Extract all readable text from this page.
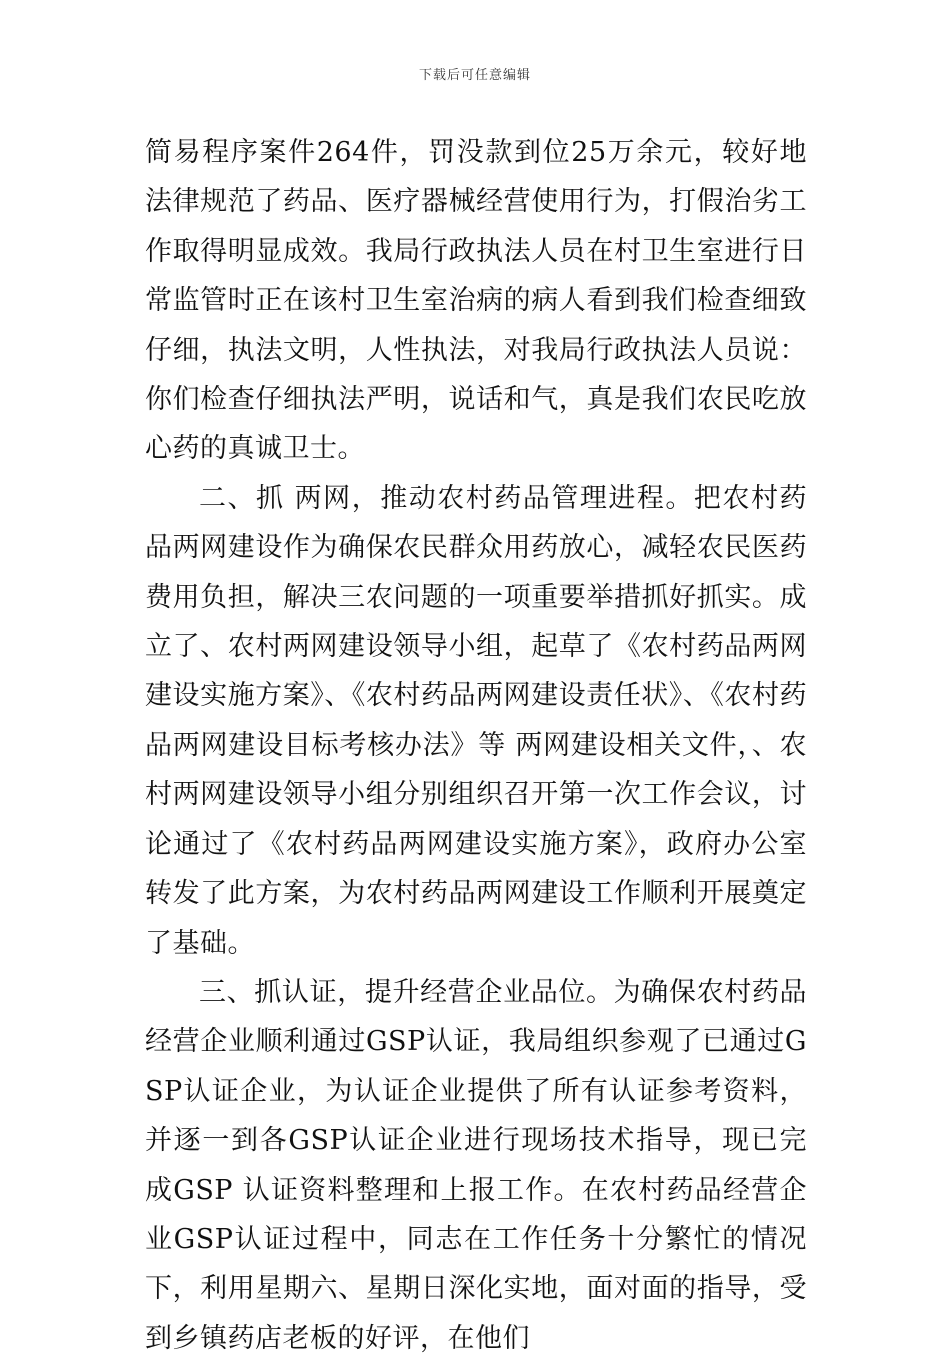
下载后可任意编辑

简易程序案件264件，罚没款到位25万余元，较好地法律规范了药品、医疗器械经营使用行为，打假治劣工作取得明显成效。我局行政执法人员在村卫生室进行日常监管时正在该村卫生室治病的病人看到我们检查细致仔细，执法文明，人性执法，对我局行政执法人员说：你们检查仔细执法严明，说话和气，真是我们农民吃放心药的真诚卫士。

二、抓 两网，推动农村药品管理进程。把农村药品两网建设作为确保农民群众用药放心，减轻农民医药费用负担，解决三农问题的一项重要举措抓好抓实。成立了、农村两网建设领导小组，起草了《农村药品两网建设实施方案》、《农村药品两网建设责任状》、《农村药品两网建设目标考核办法》等 两网建设相关文件，、农村两网建设领导小组分别组织召开第一次工作会议，讨论通过了《农村药品两网建设实施方案》，政府办公室转发了此方案，为农村药品两网建设工作顺利开展奠定了基础。

三、抓认证，提升经营企业品位。为确保农村药品经营企业顺利通过GSP认证，我局组织参观了已通过GSP认证企业，为认证企业提供了所有认证参考资料，并逐一到各GSP认证企业进行现场技术指导，现已完成GSP 认证资料整理和上报工作。在农村药品经营企业GSP认证过程中，同志在工作任务十分繁忙的情况下，利用星期六、星期日深化实地，面对面的指导，受到乡镇药店老板的好评，在他们
